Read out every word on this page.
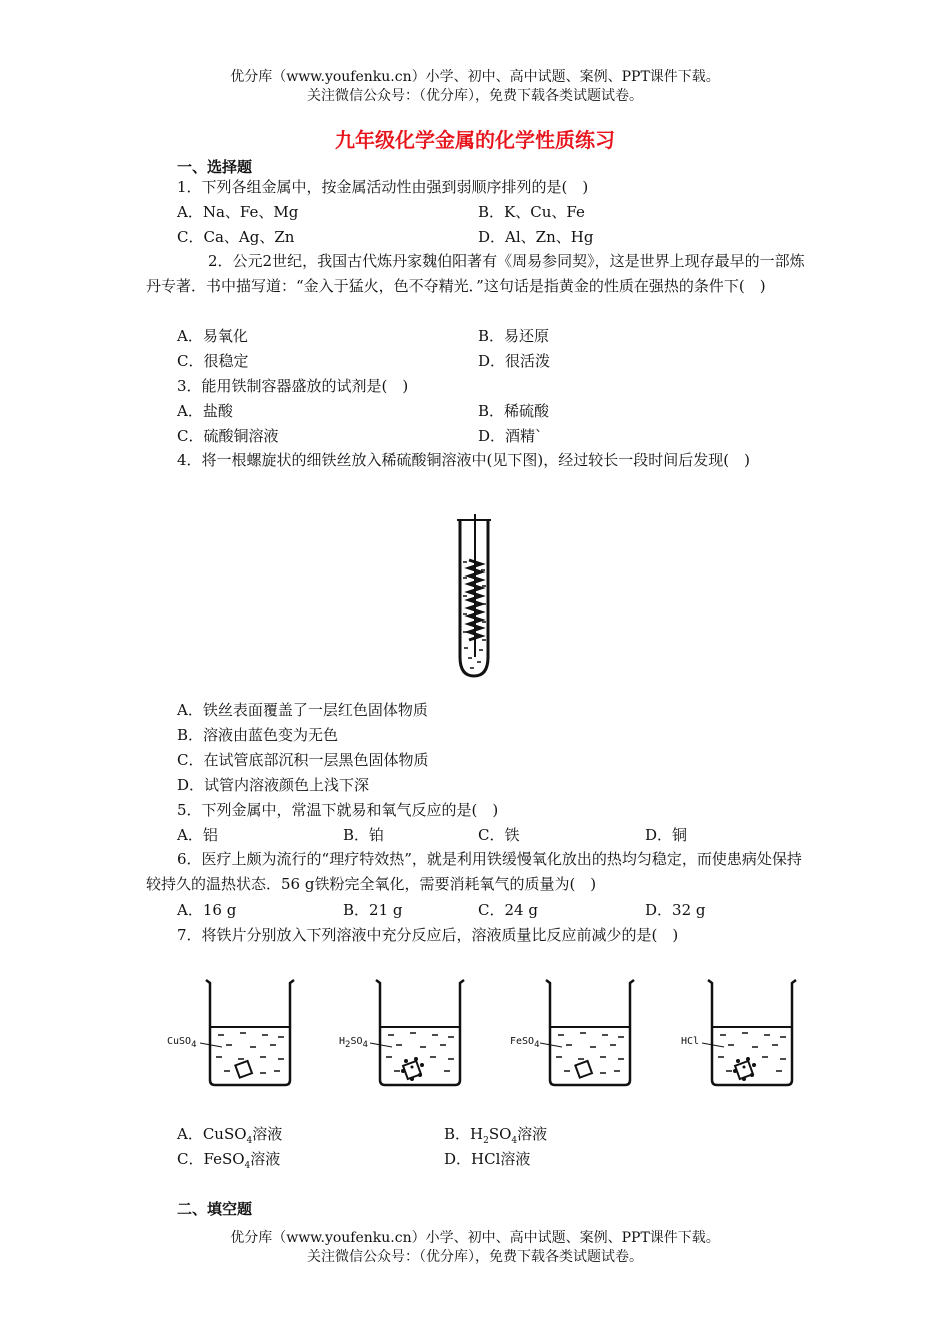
优分库（www.youfenku.cn）小学、初中、高中试题、案例、PPT课件下载。
关注微信公众号：（优分库），免费下载各类试题试卷。
九年级化学金属的化学性质练习
一、选择题
1．下列各组金属中，按金属活动性由强到弱顺序排列的是(　)
A．Na、Fe、Mg	B．K、Cu、Fe
C．Ca、Ag、Zn	D．Al、Zn、Hg
2．公元2世纪，我国古代炼丹家魏伯阳著有《周易参同契》，这是世界上现存最早的一部炼丹专著．书中描写道：“金入于猛火，色不夺精光．”这句话是指黄金的性质在强热的条件下(　)
A．易氧化	B．易还原
C．很稳定	D．很活泼
3．能用铁制容器盛放的试剂是(　)
A．盐酸	B．稀硫酸
C．硫酸铜溶液	D．酒精`
4．将一根螺旋状的细铁丝放入稀硫酸铜溶液中(见下图)，经过较长一段时间后发现(　)
A．铁丝表面覆盖了一层红色固体物质
B．溶液由蓝色变为无色
C．在试管底部沉积一层黑色固体物质
D．试管内溶液颜色上浅下深
5．下列金属中，常温下就易和氧气反应的是(　)
A．铝	B．铂	C．铁	D．铜
6．医疗上颇为流行的“理疗特效热”，就是利用铁缓慢氧化放出的热均匀稳定，而使患病处保持较持久的温热状态．56 g铁粉完全氧化，需要消耗氧气的质量为(　)
A．16 g	B．21 g	C．24 g	D．32 g
7．将铁片分别放入下列溶液中充分反应后，溶液质量比反应前减少的是(　)
CuSO$_4$	$H_2SO_4$	FeSO$_4$	HCl
A．CuSO$_4$溶液	B．$H_2SO_4$溶液
C．FeSO$_4$溶液	D．HCl溶液
二、填空题
优分库（www.youfenku.cn）小学、初中、高中试题、案例、PPT课件下载。
关注微信公众号：（优分库），免费下载各类试题试卷。
